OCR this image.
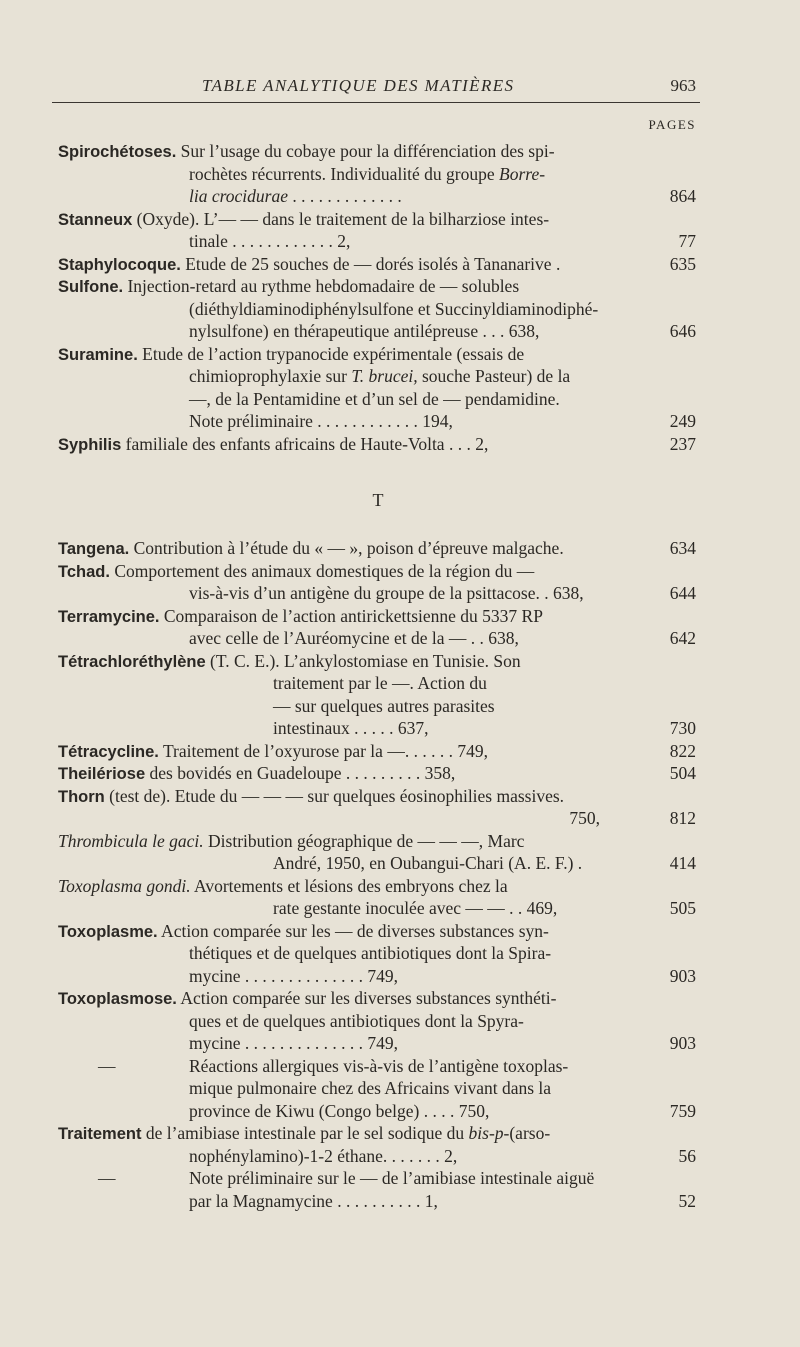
TABLE ANALYTIQUE DES MATIÈRES	963
PAGES
Spirochétoses. Sur l’usage du cobaye pour la différenciation des spi-
rochètes récurrents. Individualité du groupe Borre-
lia crocidurae . . . . . . . . . . . . .	864
Stanneux (Oxyde). L’— — dans le traitement de la bilharziose intes-
tinale . . . . . . . . . . . . 2,	77
Staphylocoque. Etude de 25 souches de — dorés isolés à Tananarive .	635
Sulfone. Injection-retard au rythme hebdomadaire de — solubles
(diéthyldiaminodiphénylsulfone et Succinyldiaminodiphé-
nylsulfone) en thérapeutique antilépreuse . . . 638,	646
Suramine. Etude de l’action trypanocide expérimentale (essais de
chimioprophylaxie sur T. brucei, souche Pasteur) de la
—, de la Pentamidine et d’un sel de — pendamidine.
Note préliminaire . . . . . . . . . . . . 194,	249
Syphilis familiale des enfants africains de Haute-Volta . . . 2,	237
T
Tangena. Contribution à l’étude du « — », poison d’épreuve malgache.	634
Tchad. Comportement des animaux domestiques de la région du —
vis-à-vis d’un antigène du groupe de la psittacose. . 638,	644
Terramycine. Comparaison de l’action antirickettsienne du 5337 RP
avec celle de l’Auréomycine et de la — . . 638,	642
Tétrachloréthylène (T. C. E.). L’ankylostomiase en Tunisie. Son
traitement par le —. Action du
— sur quelques autres parasites
intestinaux . . . . . 637,	730
Tétracycline. Traitement de l’oxyurose par la —. . . . . . 749,	822
Theilériose des bovidés en Guadeloupe . . . . . . . . . 358,	504
Thorn (test de). Etude du — — — sur quelques éosinophilies massives.
750,	812
Thrombicula le gaci. Distribution géographique de — — —, Marc
André, 1950, en Oubangui-Chari (A. E. F.) .	414
Toxoplasma gondi. Avortements et lésions des embryons chez la
rate gestante inoculée avec — — . . 469,	505
Toxoplasme. Action comparée sur les — de diverses substances syn-
thétiques et de quelques antibiotiques dont la Spira-
mycine . . . . . . . . . . . . . . 749,	903
Toxoplasmose. Action comparée sur les diverses substances synthéti-
ques et de quelques antibiotiques dont la Spyra-
mycine . . . . . . . . . . . . . . 749,	903
—	Réactions allergiques vis-à-vis de l’antigène toxoplas-
mique pulmonaire chez des Africains vivant dans la
province de Kiwu (Congo belge) . . . . 750,	759
Traitement de l’amibiase intestinale par le sel sodique du bis-p-(arso-
nophénylamino)-1-2 éthane. . . . . . . 2,	56
—	Note préliminaire sur le — de l’amibiase intestinale aiguë
par la Magnamycine . . . . . . . . . . 1,	52
